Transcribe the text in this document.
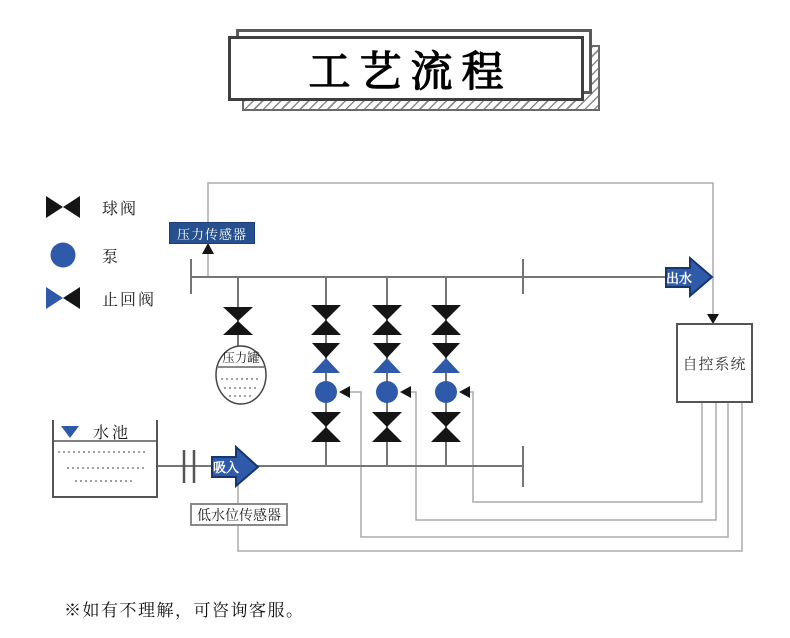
工艺流程
球阀
泵
止回阀
压力罐
水池
出水
吸入
压力传感器
自控系统
低水位传感器
※如有不理解，可咨询客服。
